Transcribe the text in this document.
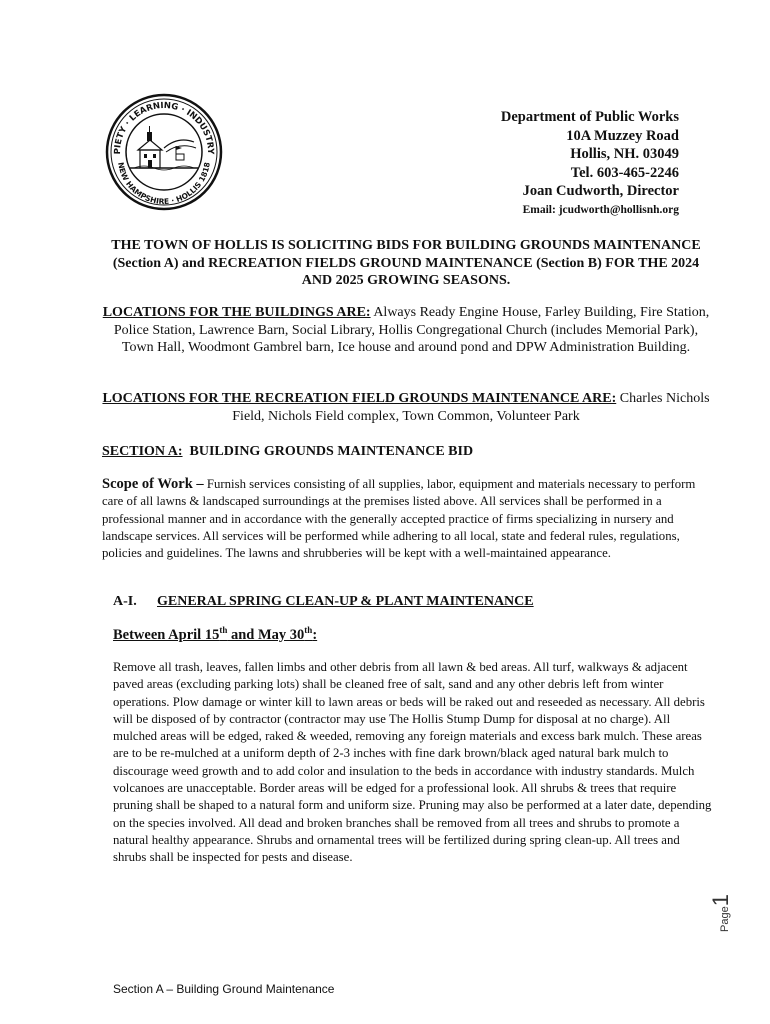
PIETY · LEARNING · INDUSTRY
NEW HAMPSHIRE · HOLLIS 1818
Department of Public Works
10A Muzzey Road
Hollis, NH. 03049
Tel. 603-465-2246
Joan Cudworth, Director
Email: jcudworth@hollisnh.org
THE TOWN OF HOLLIS IS SOLICITING BIDS FOR BUILDING GROUNDS MAINTENANCE (Section A) and RECREATION FIELDS GROUND MAINTENANCE (Section B) FOR THE 2024 AND 2025 GROWING SEASONS.
LOCATIONS FOR THE BUILDINGS ARE: Always Ready Engine House, Farley Building, Fire Station, Police Station, Lawrence Barn, Social Library, Hollis Congregational Church (includes Memorial Park), Town Hall, Woodmont Gambrel barn, Ice house and around pond and DPW Administration Building.
LOCATIONS FOR THE RECREATION FIELD GROUNDS MAINTENANCE ARE: Charles Nichols Field, Nichols Field complex, Town Common, Volunteer Park
SECTION A:  BUILDING GROUNDS MAINTENANCE BID
Scope of Work – Furnish services consisting of all supplies, labor, equipment and materials necessary to perform care of all lawns & landscaped surroundings at the premises listed above. All services shall be performed in a professional manner and in accordance with the generally accepted practice of firms specializing in nursery and landscape services. All services will be performed while adhering to all local, state and federal rules, regulations, policies and guidelines. The lawns and shrubberies will be kept with a well-maintained appearance.
A-I. GENERAL SPRING CLEAN-UP & PLANT MAINTENANCE
Between April 15th and May 30th:
Remove all trash, leaves, fallen limbs and other debris from all lawn & bed areas. All turf, walkways & adjacent paved areas (excluding parking lots) shall be cleaned free of salt, sand and any other debris left from winter operations. Plow damage or winter kill to lawn areas or beds will be raked out and reseeded as necessary. All debris will be disposed of by contractor (contractor may use The Hollis Stump Dump for disposal at no charge). All mulched areas will be edged, raked & weeded, removing any foreign materials and excess bark mulch. These areas are to be re-mulched at a uniform depth of 2-3 inches with fine dark brown/black aged natural bark mulch to discourage weed growth and to add color and insulation to the beds in accordance with industry standards. Mulch volcanoes are unacceptable. Border areas will be edged for a professional look. All shrubs & trees that require pruning shall be shaped to a natural form and uniform size. Pruning may also be performed at a later date, depending on the species involved. All dead and broken branches shall be removed from all trees and shrubs to promote a natural healthy appearance. Shrubs and ornamental trees will be fertilized during spring clean-up. All trees and shrubs shall be inspected for pests and disease.
Page1
Section A – Building Ground Maintenance
